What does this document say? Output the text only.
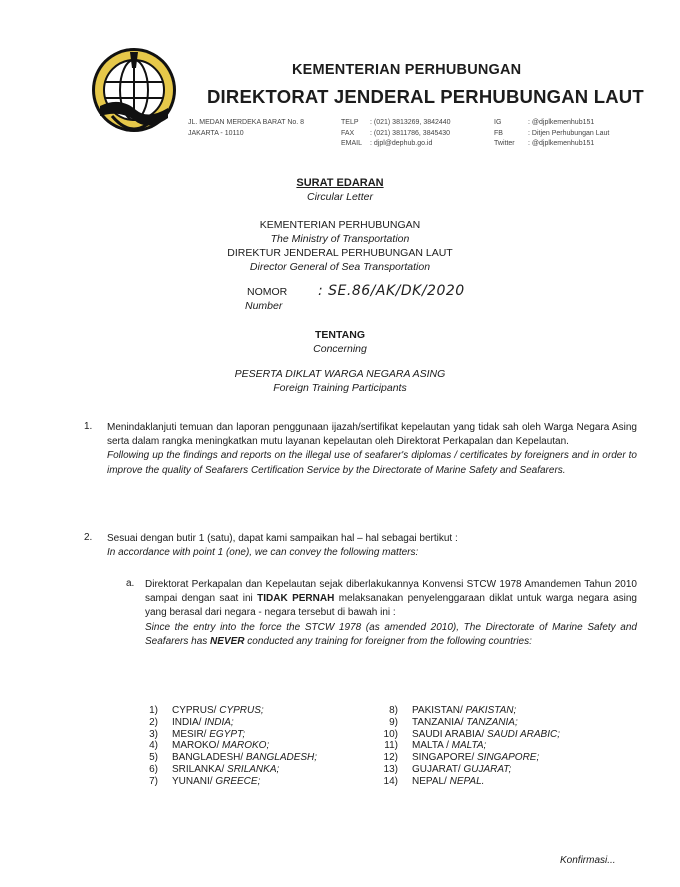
KEMENTERIAN PERHUBUNGAN
DIREKTORAT JENDERAL PERHUBUNGAN LAUT
JL. MEDAN MERDEKA BARAT No. 8
JAKARTA - 10110
TELP
FAX
EMAIL
: (021) 3813269, 3842440
: (021) 3811786, 3845430
: djpl@dephub.go.id
IG
FB
Twitter
: @djplkemenhub151
: Ditjen Perhubungan Laut
: @djplkemenhub151
SURAT EDARAN
Circular Letter
KEMENTERIAN PERHUBUNGAN
The Ministry of Transportation
DIREKTUR JENDERAL PERHUBUNGAN LAUT
Director General of Sea Transportation
NOMOR
Number
: SE.86/AK/DK/2020
TENTANG
Concerning
PESERTA DIKLAT WARGA NEGARA ASING
Foreign Training Participants
1. Menindaklanjuti temuan dan laporan penggunaan ijazah/sertifikat kepelautan yang tidak sah oleh Warga Negara Asing serta dalam rangka meningkatkan mutu layanan kepelautan oleh Direktorat Perkapalan dan Kepelautan.
Following up the findings and reports on the illegal use of seafarer's diplomas / certificates by foreigners and in order to improve the quality of Seafarers Certification Service by the Directorate of Marine Safety and Seafarers.
2. Sesuai dengan butir 1 (satu), dapat kami sampaikan hal – hal sebagai bertikut :
In accordance with point 1 (one), we can convey the following matters:
a. Direktorat Perkapalan dan Kepelautan sejak diberlakukannya Konvensi STCW 1978 Amandemen Tahun 2010 sampai dengan saat ini TIDAK PERNAH melaksanakan penyelenggaraan diklat untuk warga negara asing yang berasal dari negara - negara tersebut di bawah ini :
Since the entry into the force the STCW 1978 (as amended 2010), The Directorate of Marine Safety and Seafarers has NEVER conducted any training for foreigner from the following countries:
1) CYPRUS/ CYPRUS;
2) INDIA/ INDIA;
3) MESIR/ EGYPT;
4) MAROKO/ MAROKO;
5) BANGLADESH/ BANGLADESH;
6) SRILANKA/ SRILANKA;
7) YUNANI/ GREECE;
8) PAKISTAN/ PAKISTAN;
9) TANZANIA/ TANZANIA;
10) SAUDI ARABIA/ SAUDI ARABIC;
11) MALTA / MALTA;
12) SINGAPORE/ SINGAPORE;
13) GUJARAT/ GUJARAT;
14) NEPAL/ NEPAL.
Konfirmasi...
